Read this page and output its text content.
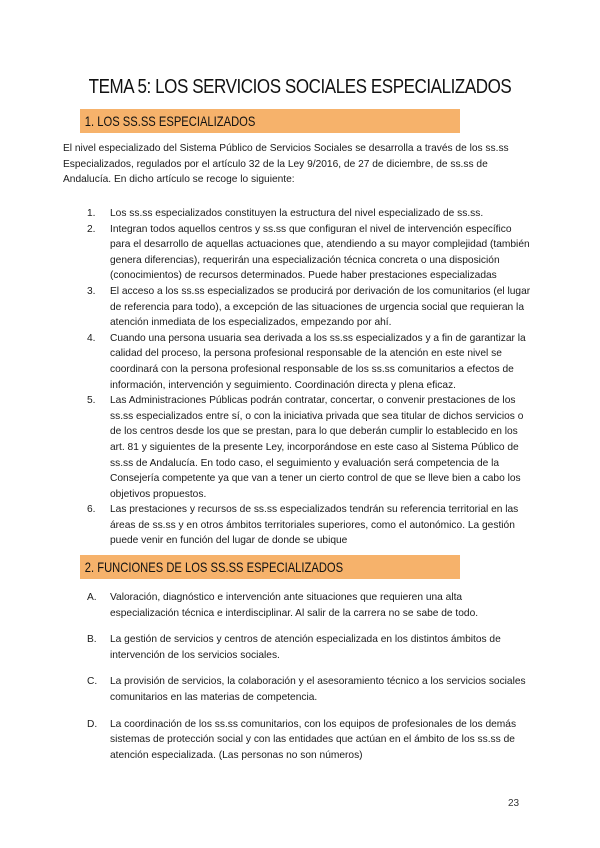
TEMA 5: LOS SERVICIOS SOCIALES ESPECIALIZADOS
1. LOS SS.SS ESPECIALIZADOS
El nivel especializado del Sistema Público de Servicios Sociales se desarrolla a través de los ss.ss Especializados, regulados por el artículo 32 de la Ley 9/2016, de 27 de diciembre, de ss.ss de Andalucía. En dicho artículo se recoge lo siguiente:
1.	Los ss.ss especializados constituyen la estructura del nivel especializado de ss.ss.
2.	Integran todos aquellos centros y ss.ss que configuran el nivel de intervención específico para el desarrollo de aquellas actuaciones que, atendiendo a su mayor complejidad (también genera diferencias), requerirán una especialización técnica concreta o una disposición (conocimientos) de recursos determinados. Puede haber prestaciones especializadas
3.	El acceso a los ss.ss especializados se producirá por derivación de los comunitarios (el lugar de referencia para todo), a excepción de las situaciones de urgencia social que requieran la atención inmediata de los especializados, empezando por ahí.
4.	Cuando una persona usuaria sea derivada a los ss.ss especializados y a fin de garantizar la calidad del proceso, la persona profesional responsable de la atención en este nivel se coordinará con la persona profesional responsable de los ss.ss comunitarios a efectos de información, intervención y seguimiento. Coordinación directa y plena eficaz.
5.	Las Administraciones Públicas podrán contratar, concertar, o convenir prestaciones de los ss.ss especializados entre sí, o con la iniciativa privada que sea titular de dichos servicios o de los centros desde los que se prestan, para lo que deberán cumplir lo establecido en los art. 81 y siguientes de la presente Ley, incorporándose en este caso al Sistema Público de ss.ss de Andalucía. En todo caso, el seguimiento y evaluación será competencia de la Consejería competente ya que van a tener un cierto control de que se lleve bien a cabo los objetivos propuestos.
6.	Las prestaciones y recursos de ss.ss especializados tendrán su referencia territorial en las áreas de ss.ss y en otros ámbitos territoriales superiores, como el autonómico. La gestión puede venir en función del lugar de donde se ubique
2. FUNCIONES DE LOS SS.SS ESPECIALIZADOS
A.	Valoración, diagnóstico e intervención ante situaciones que requieren una alta especialización técnica e interdisciplinar. Al salir de la carrera no se sabe de todo.
B.	La gestión de servicios y centros de atención especializada en los distintos ámbitos de intervención de los servicios sociales.
C.	La provisión de servicios, la colaboración y el asesoramiento técnico a los servicios sociales comunitarios en las materias de competencia.
D.	La coordinación de los ss.ss comunitarios, con los equipos de profesionales de los demás sistemas de protección social y con las entidades que actúan en el ámbito de los ss.ss de atención especializada. (Las personas no son números)
23
